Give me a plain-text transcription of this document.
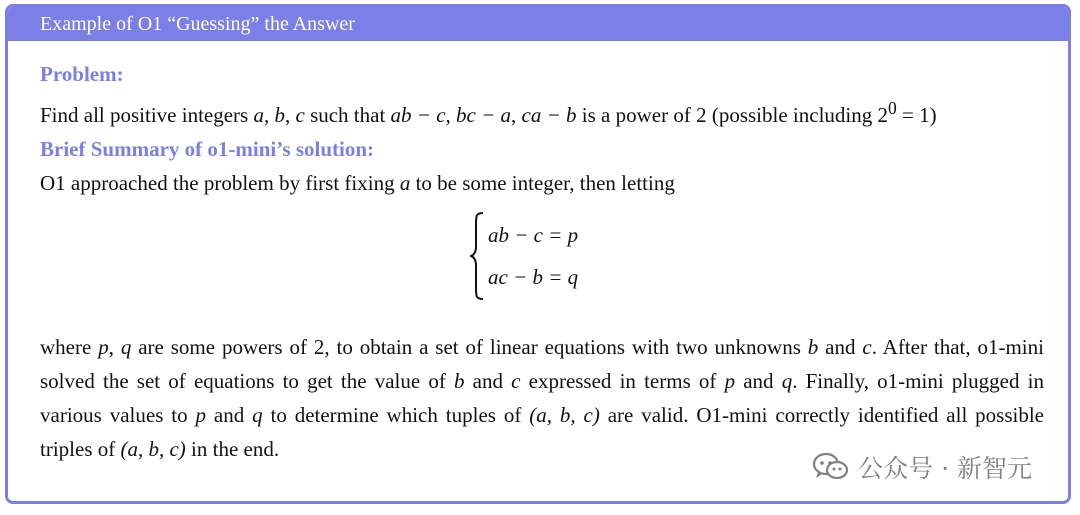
Example of O1 “Guessing” the Answer
Problem:
Find all positive integers a, b, c such that ab − c, bc − a, ca − b is a power of 2 (possible including $2^0 = 1$)
Brief Summary of o1-mini’s solution:
O1 approached the problem by first fixing a to be some integer, then letting
ab − c = p
ac − b = q
where p, q are some powers of 2, to obtain a set of linear equations with two unknowns b and c. After that, o1-mini solved the set of equations to get the value of b and c expressed in terms of p and q. Finally, o1-mini plugged in various values to p and q to determine which tuples of (a, b, c) are valid. O1-mini correctly identified all possible triples of (a, b, c) in the end.
公众号 · 新智元
